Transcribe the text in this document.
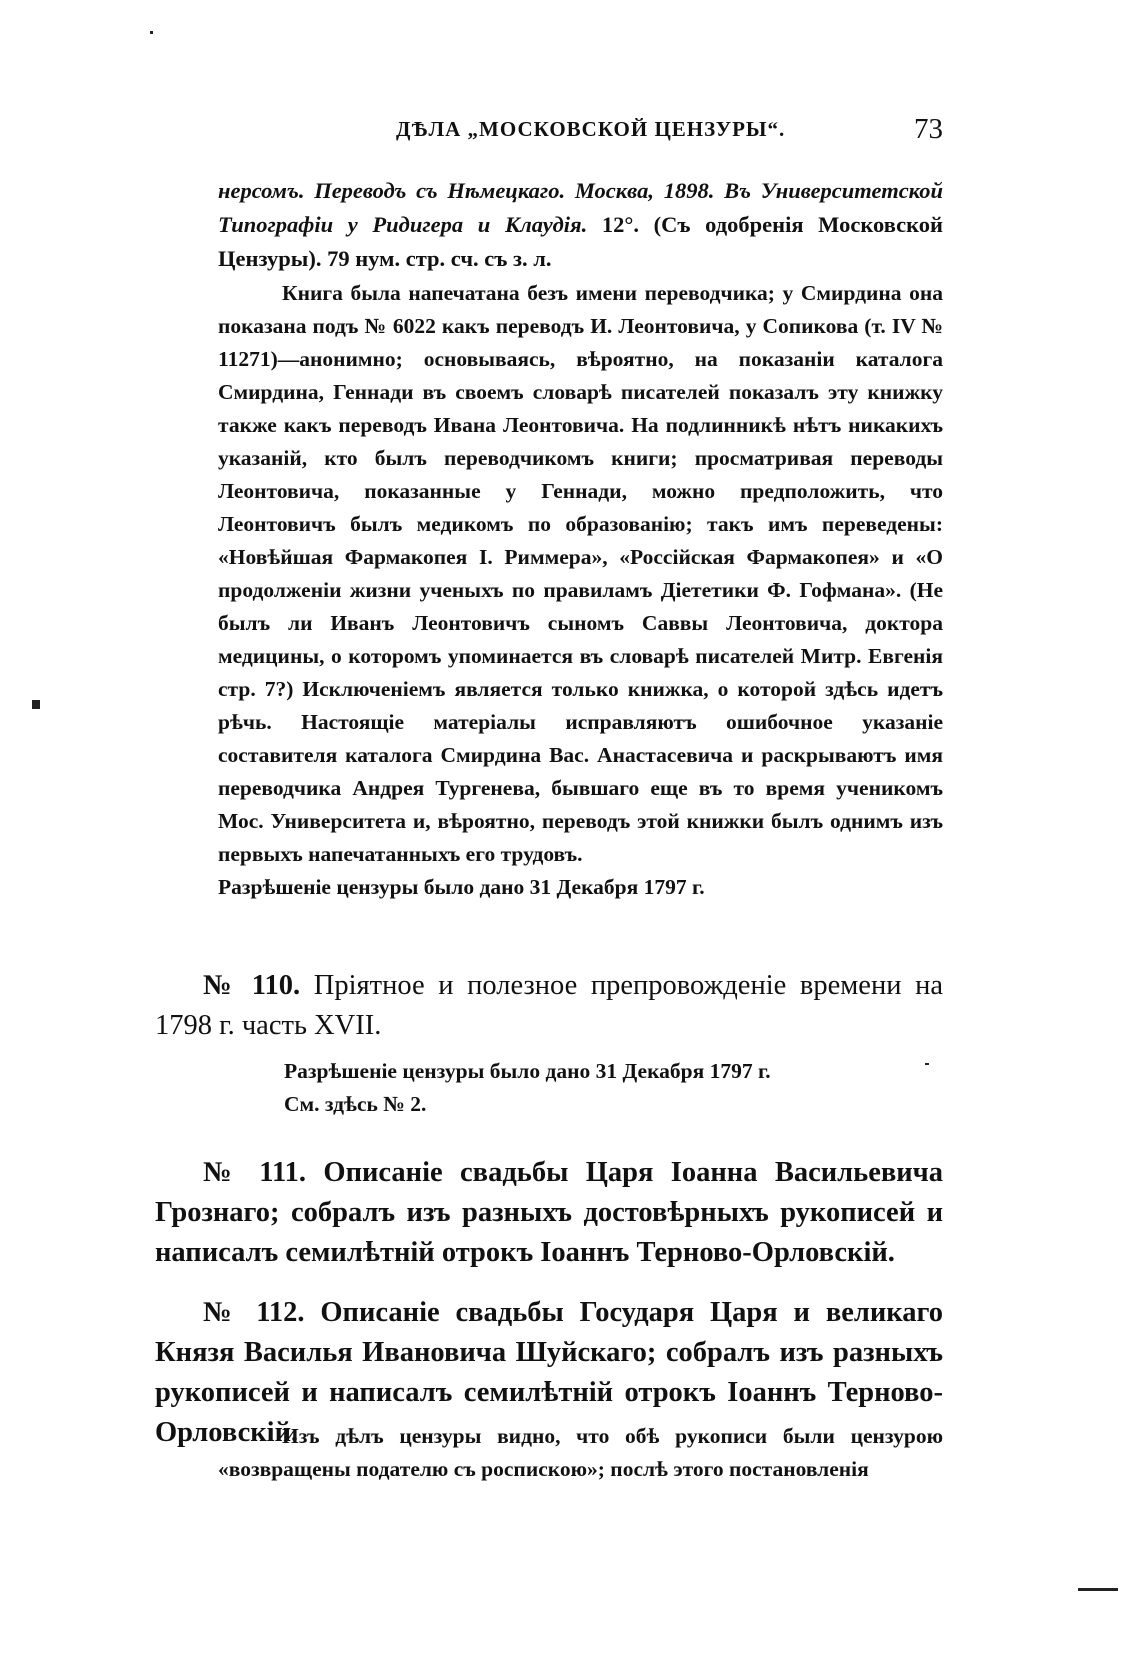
ДѢЛА „МОСКОВСКОЙ ЦЕНЗУРЫ“.	73

нерсомъ. Переводъ съ Нѣмецкаго. Москва, 1898. Въ Университетской Типографіи у Ридигера и Клаудія. 12°. (Съ одобренія Московской Цензуры). 79 нум. стр. сч. съ з. л.

Книга была напечатана безъ имени переводчика; у Смирдина она показана подъ № 6022 какъ переводъ И. Леонтовича, у Сопикова (т. IV № 11271)—анонимно; основываясь, вѣроятно, на показаніи каталога Смирдина, Геннади въ своемъ словарѣ писателей показалъ эту книжку также какъ переводъ Ивана Леонтовича. На подлинникѣ нѣтъ никакихъ указаній, кто былъ переводчикомъ книги; просматривая переводы Леонтовича, показанные у Геннади, можно предположить, что Леонтовичъ былъ медикомъ по образованію; такъ имъ переведены: «Новѣйшая Фармакопея І. Риммера», «Россійская Фармакопея» и «О продолженіи жизни ученыхъ по правиламъ Діететики Ф. Гофмана». (Не былъ ли Иванъ Леонтовичъ сыномъ Саввы Леонтовича, доктора медицины, о которомъ упоминается въ словарѣ писателей Митр. Евгенія стр. 7?) Исключеніемъ является только книжка, о которой здѣсь идетъ рѣчь. Настоящіе матеріалы исправляютъ ошибочное указаніе составителя каталога Смирдина Вас. Анастасевича и раскрываютъ имя переводчика Андрея Тургенева, бывшаго еще въ то время ученикомъ Мос. Университета и, вѣроятно, переводъ этой книжки былъ однимъ изъ первыхъ напечатанныхъ его трудовъ.

Разрѣшеніе цензуры было дано 31 Декабря 1797 г.

№ 110. Пріятное и полезное препровожденіе времени на 1798 г. часть XVII.

Разрѣшеніе цензуры было дано 31 Декабря 1797 г.
См. здѣсь № 2.

№ 111. Описаніе свадьбы Царя Іоанна Васильевича Грознаго; собралъ изъ разныхъ достовѣрныхъ рукописей и написалъ семилѣтній отрокъ Іоаннъ Терново-Орловскій.

№ 112. Описаніе свадьбы Государя Царя и великаго Князя Василья Ивановича Шуйскаго; собралъ изъ разныхъ рукописей и написалъ семилѣтній отрокъ Іоаннъ Терново-Орловскій.

Изъ дѣлъ цензуры видно, что обѣ рукописи были цензурою «возвращены подателю съ роспискою»; послѣ этого постановленія
